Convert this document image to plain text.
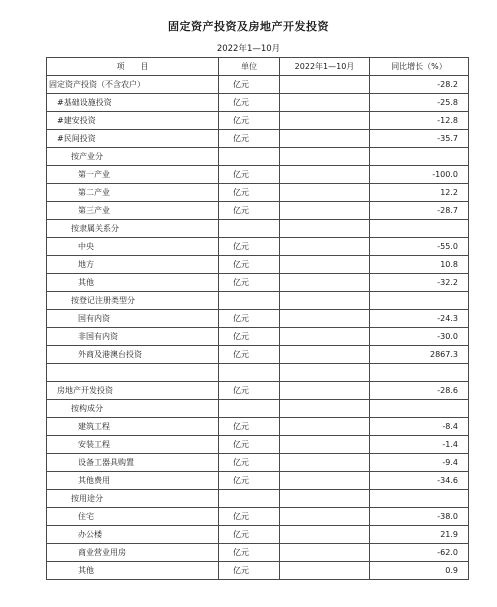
固定资产投资及房地产开发投资
2022年1—10月
项　　目	单位	2022年1—10月	同比增长（%）
固定资产投资（不含农户）	亿元		-28.2
#基础设施投资	亿元		-25.8
#建安投资	亿元		-12.8
#民间投资	亿元		-35.7
按产业分			
第一产业	亿元		-100.0
第二产业	亿元		12.2
第三产业	亿元		-28.7
按隶属关系分			
中央	亿元		-55.0
地方	亿元		10.8
其他	亿元		-32.2
按登记注册类型分			
国有内资	亿元		-24.3
非国有内资	亿元		-30.0
外商及港澳台投资	亿元		2867.3

房地产开发投资	亿元		-28.6
按构成分			
建筑工程	亿元		-8.4
安装工程	亿元		-1.4
设备工器具购置	亿元		-9.4
其他费用	亿元		-34.6
按用途分			
住宅	亿元		-38.0
办公楼	亿元		21.9
商业营业用房	亿元		-62.0
其他	亿元		0.9
